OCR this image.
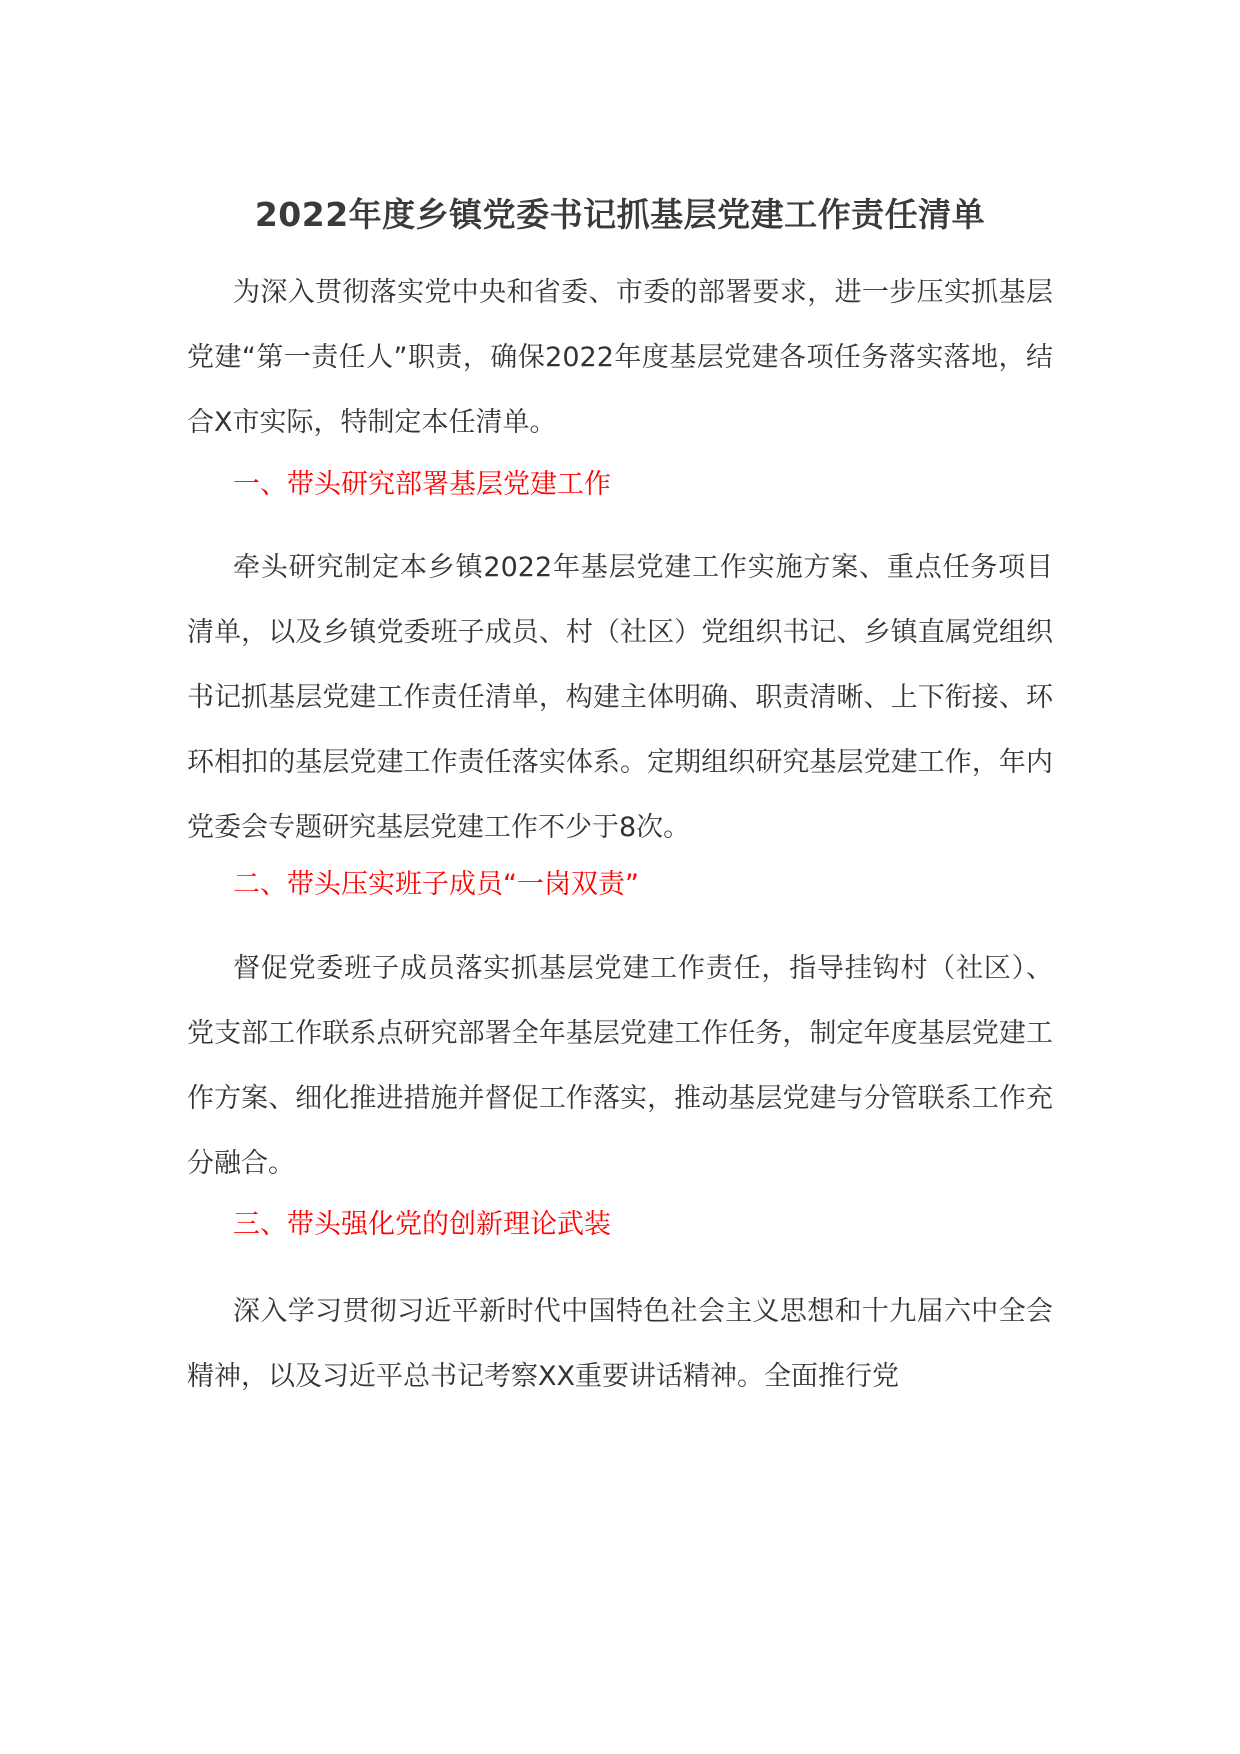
2022年度乡镇党委书记抓基层党建工作责任清单

为深入贯彻落实党中央和省委、市委的部署要求，进一步压实抓基层党建“第一责任人”职责，确保2022年度基层党建各项任务落实落地，结合X市实际，特制定本任清单。

一、带头研究部署基层党建工作

牵头研究制定本乡镇2022年基层党建工作实施方案、重点任务项目清单，以及乡镇党委班子成员、村（社区）党组织书记、乡镇直属党组织书记抓基层党建工作责任清单，构建主体明确、职责清晰、上下衔接、环环相扣的基层党建工作责任落实体系。定期组织研究基层党建工作，年内党委会专题研究基层党建工作不少于8次。

二、带头压实班子成员“一岗双责”

督促党委班子成员落实抓基层党建工作责任，指导挂钩村（社区）、党支部工作联系点研究部署全年基层党建工作任务，制定年度基层党建工作方案、细化推进措施并督促工作落实，推动基层党建与分管联系工作充分融合。

三、带头强化党的创新理论武装

深入学习贯彻习近平新时代中国特色社会主义思想和十九届六中全会精神，以及习近平总书记考察XX重要讲话精神。全面推行党
